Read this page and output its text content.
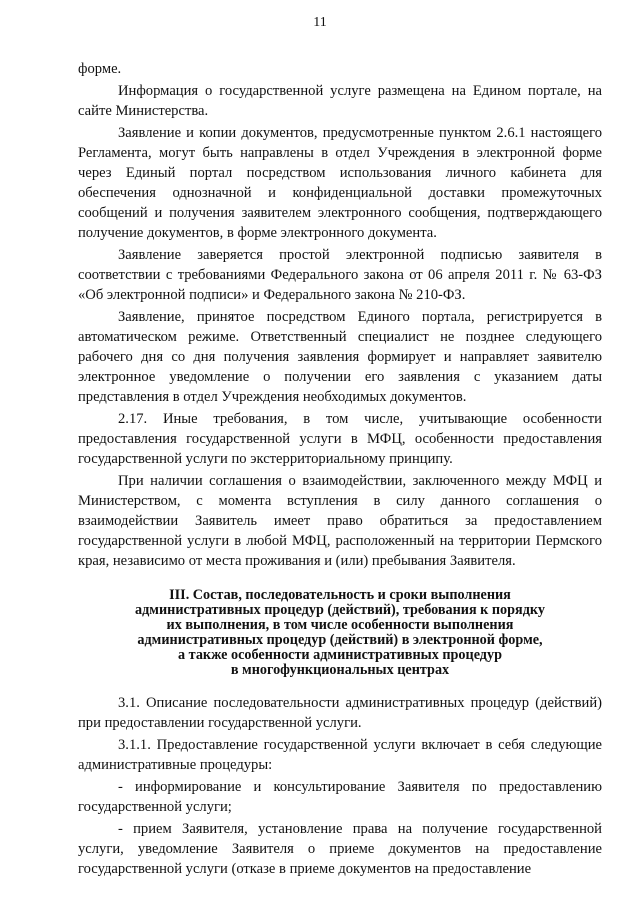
11

форме.

Информация о государственной услуге размещена на Едином портале, на сайте Министерства.

Заявление и копии документов, предусмотренные пунктом 2.6.1 настоящего Регламента, могут быть направлены в отдел Учреждения в электронной форме через Единый портал посредством использования личного кабинета для обеспечения однозначной и конфиденциальной доставки промежуточных сообщений и получения заявителем электронного сообщения, подтверждающего получение документов, в форме электронного документа.

Заявление заверяется простой электронной подписью заявителя в соответствии с требованиями Федерального закона от 06 апреля 2011 г. № 63-ФЗ «Об электронной подписи» и Федерального закона № 210-ФЗ.

Заявление, принятое посредством Единого портала, регистрируется в автоматическом режиме. Ответственный специалист не позднее следующего рабочего дня со дня получения заявления формирует и направляет заявителю электронное уведомление о получении его заявления с указанием даты представления в отдел Учреждения необходимых документов.

2.17. Иные требования, в том числе, учитывающие особенности предоставления государственной услуги в МФЦ, особенности предоставления государственной услуги по экстерриториальному принципу.

При наличии соглашения о взаимодействии, заключенного между МФЦ и Министерством, с момента вступления в силу данного соглашения о взаимодействии Заявитель имеет право обратиться за предоставлением государственной услуги в любой МФЦ, расположенный на территории Пермского края, независимо от места проживания и (или) пребывания Заявителя.

III. Состав, последовательность и сроки выполнения
административных процедур (действий), требования к порядку
их выполнения, в том числе особенности выполнения
административных процедур (действий) в электронной форме,
а также особенности административных процедур
в многофункциональных центрах

3.1. Описание последовательности административных процедур (действий) при предоставлении государственной услуги.

3.1.1. Предоставление государственной услуги включает в себя следующие административные процедуры:

- информирование и консультирование Заявителя по предоставлению государственной услуги;

- прием Заявителя, установление права на получение государственной услуги, уведомление Заявителя о приеме документов на предоставление государственной услуги (отказе в приеме документов на предоставление
